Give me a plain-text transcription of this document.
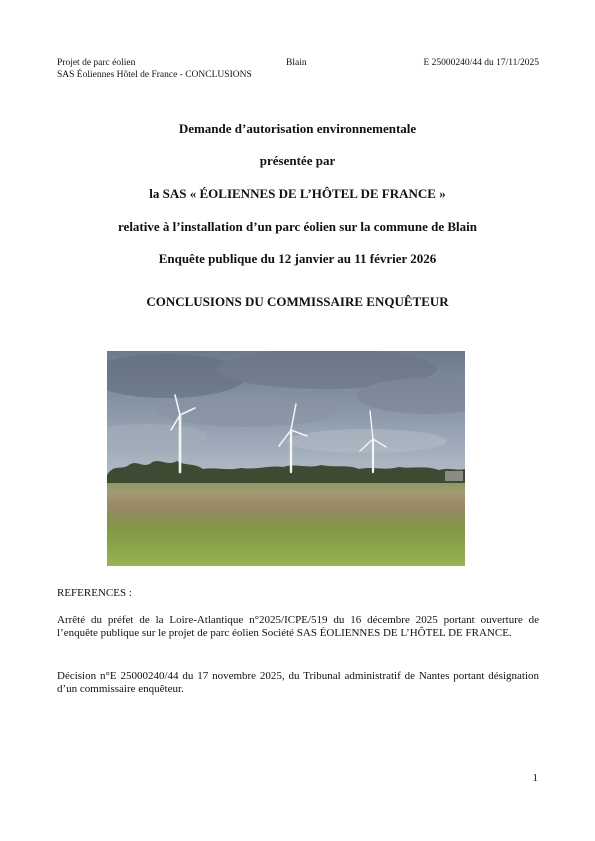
Projet de parc éolien
SAS Éoliennes Hôtel de France - CONCLUSIONS
Blain	E 25000240/44 du 17/11/2025
Demande d’autorisation environnementale
présentée par
la SAS « ÉOLIENNES DE L’HÔTEL DE FRANCE »
relative à l’installation d’un parc éolien sur la commune de Blain
Enquête publique du 12 janvier au 11 février 2026
CONCLUSIONS DU COMMISSAIRE ENQUÊTEUR
REFERENCES :
Arrêté du préfet de la Loire-Atlantique n°2025/ICPE/519 du 16 décembre 2025 portant ouverture de l’enquête publique sur le projet de parc éolien Société SAS ÉOLIENNES DE L’HÔTEL DE FRANCE.
Décision n°E 25000240/44 du 17 novembre 2025, du Tribunal administratif de Nantes portant désignation d’un commissaire enquêteur.
1
